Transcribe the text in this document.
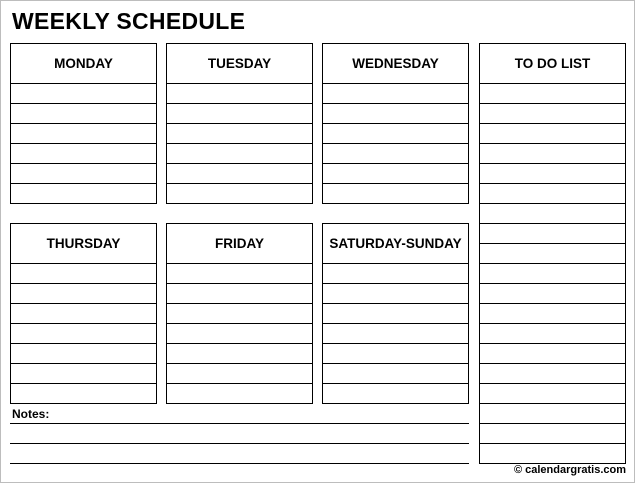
WEEKLY SCHEDULE
MONDAY	TUESDAY	WEDNESDAY
THURSDAY	FRIDAY	SATURDAY-SUNDAY
TO DO LIST
Notes:
© calendargratis.com
